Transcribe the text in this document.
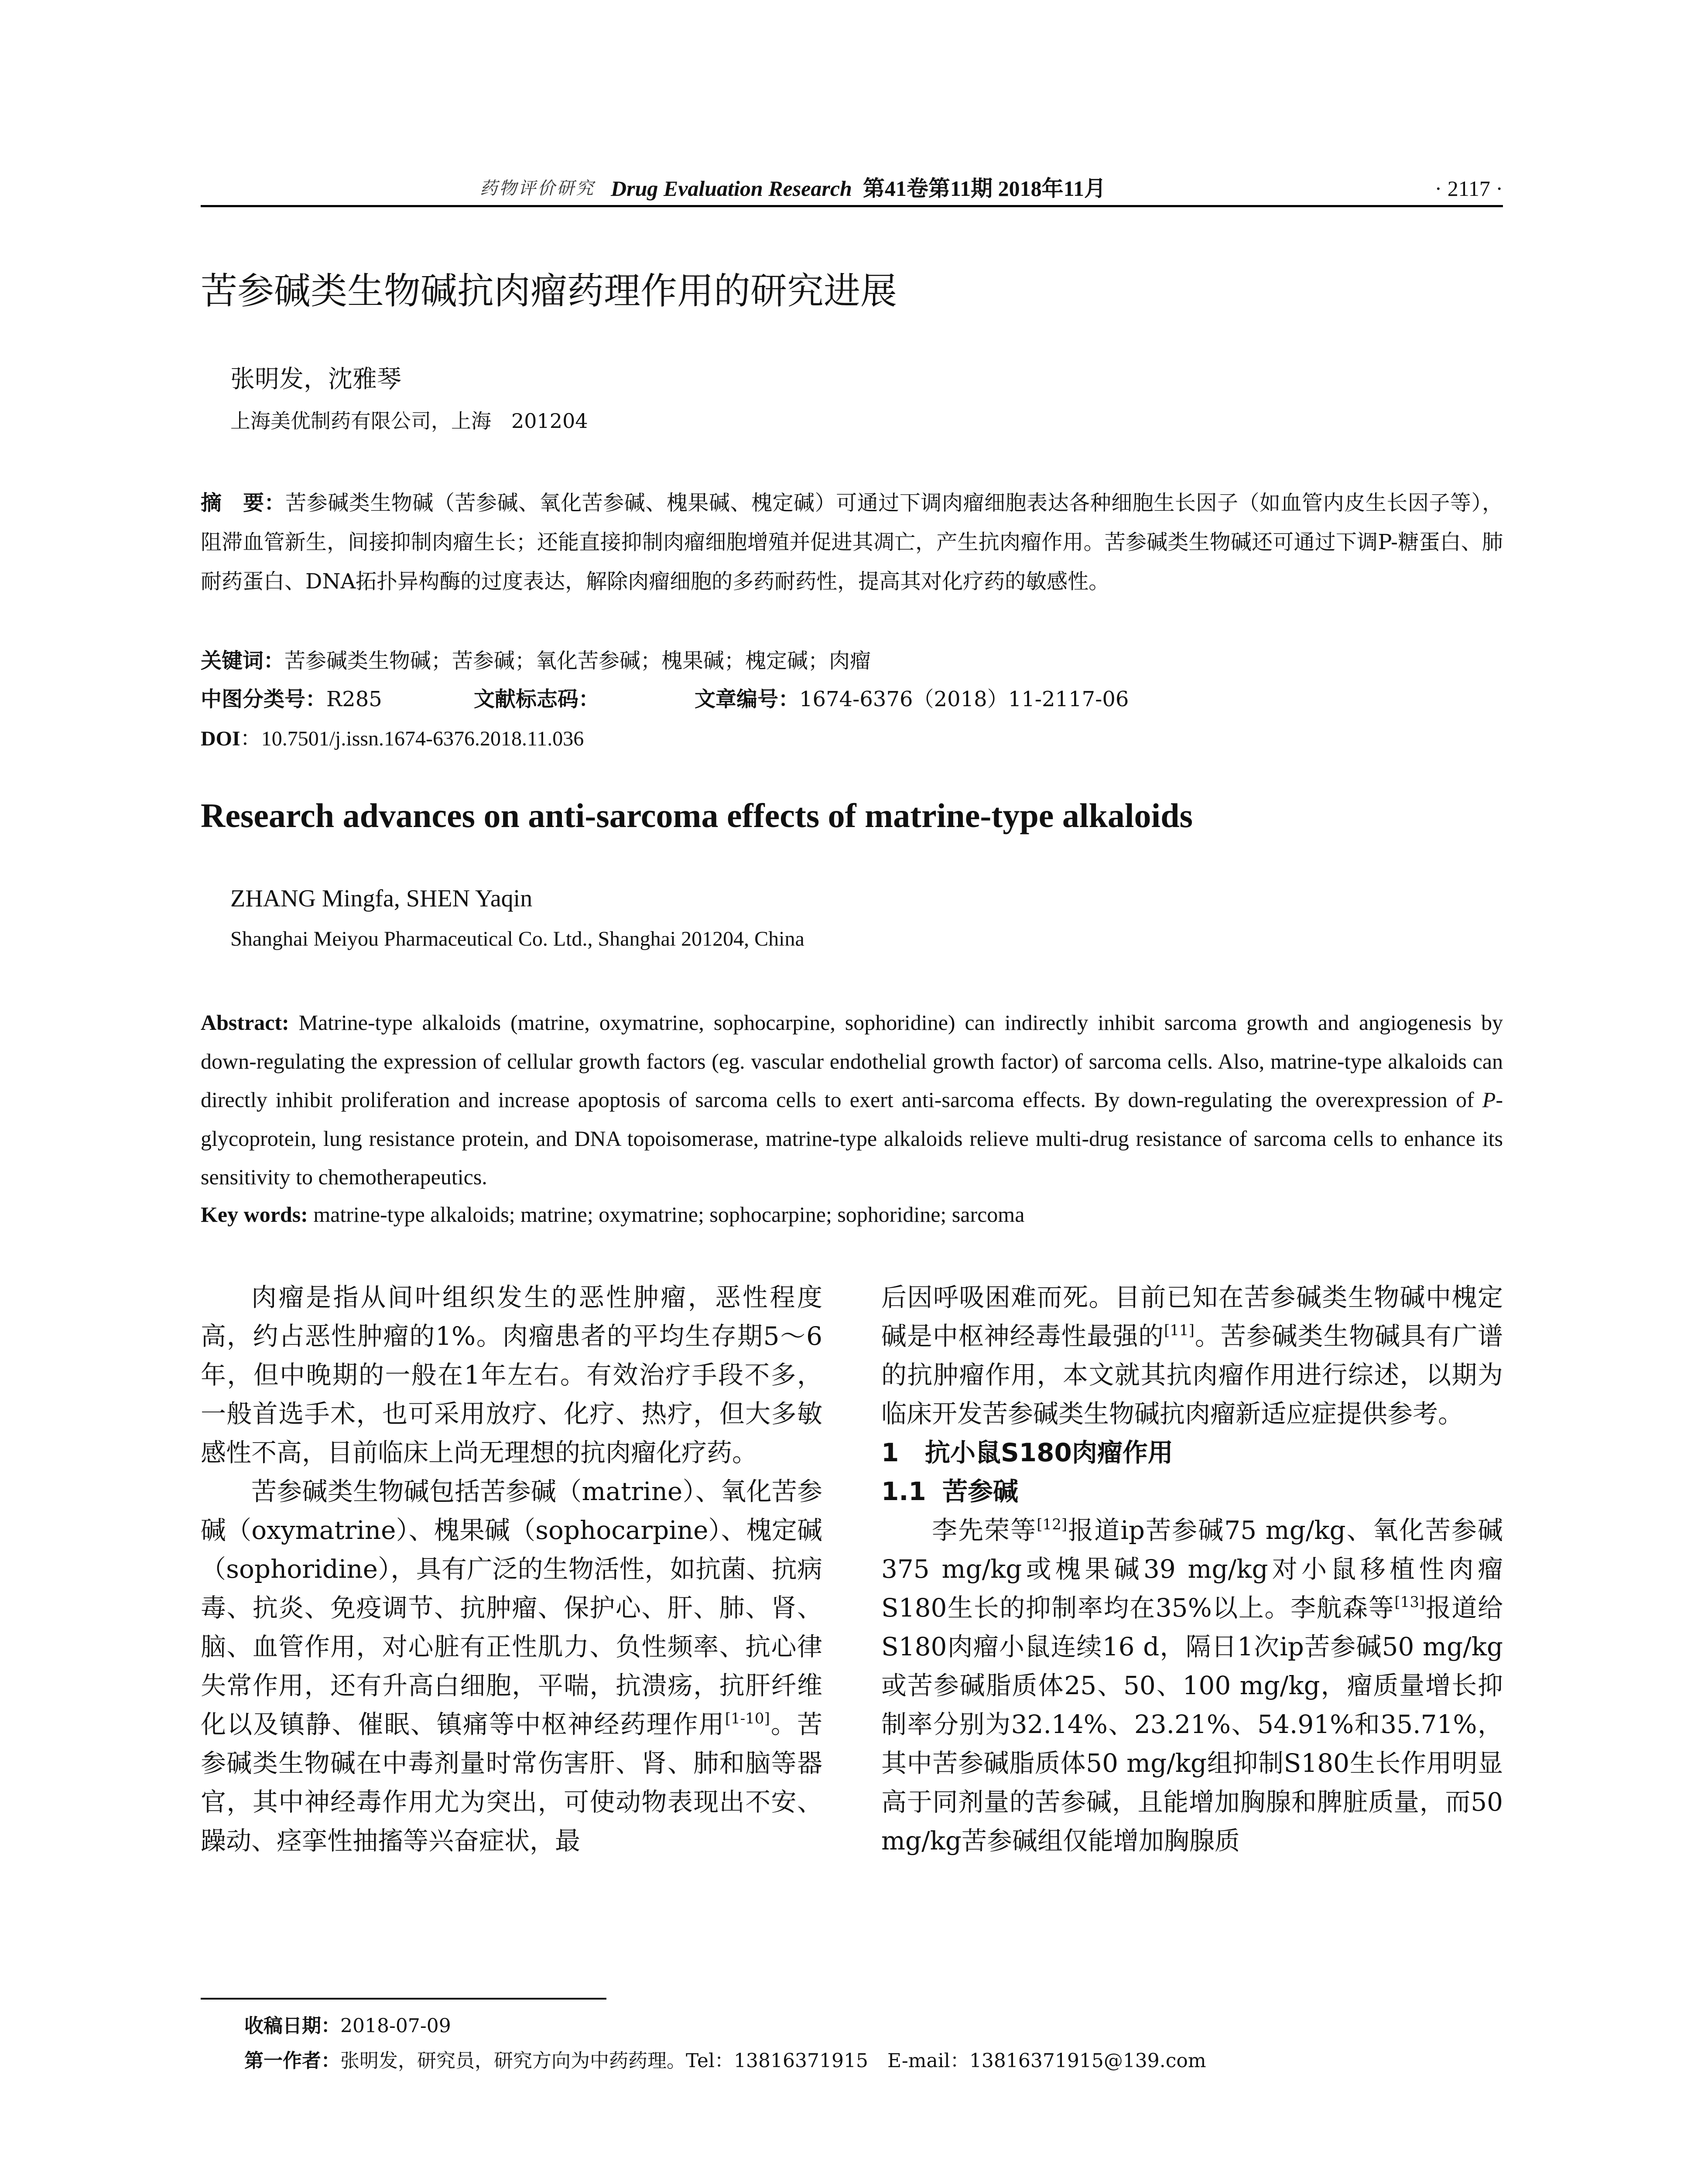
药物评价研究 Drug Evaluation Research 第41卷第11期 2018年11月	· 2117 ·
苦参碱类生物碱抗肉瘤药理作用的研究进展
张明发，沈雅琴
上海美优制药有限公司，上海　201204
摘　要：苦参碱类生物碱（苦参碱、氧化苦参碱、槐果碱、槐定碱）可通过下调肉瘤细胞表达各种细胞生长因子（如血管内皮生长因子等），阻滞血管新生，间接抑制肉瘤生长；还能直接抑制肉瘤细胞增殖并促进其凋亡，产生抗肉瘤作用。苦参碱类生物碱还可通过下调P-糖蛋白、肺耐药蛋白、DNA拓扑异构酶的过度表达，解除肉瘤细胞的多药耐药性，提高其对化疗药的敏感性。
关键词：苦参碱类生物碱；苦参碱；氧化苦参碱；槐果碱；槐定碱；肉瘤
中图分类号：R285	文献标志码：	文章编号：1674-6376（2018）11-2117-06
DOI：10.7501/j.issn.1674-6376.2018.11.036
Research advances on anti-sarcoma effects of matrine-type alkaloids
ZHANG Mingfa, SHEN Yaqin
Shanghai Meiyou Pharmaceutical Co. Ltd., Shanghai 201204, China
Abstract: Matrine-type alkaloids (matrine, oxymatrine, sophocarpine, sophoridine) can indirectly inhibit sarcoma growth and angiogenesis by down-regulating the expression of cellular growth factors (eg. vascular endothelial growth factor) of sarcoma cells. Also, matrine-type alkaloids can directly inhibit proliferation and increase apoptosis of sarcoma cells to exert anti-sarcoma effects. By down-regulating the overexpression of P-glycoprotein, lung resistance protein, and DNA topoisomerase, matrine-type alkaloids relieve multi-drug resistance of sarcoma cells to enhance its sensitivity to chemotherapeutics.
Key words: matrine-type alkaloids; matrine; oxymatrine; sophocarpine; sophoridine; sarcoma

肉瘤是指从间叶组织发生的恶性肿瘤，恶性程度高，约占恶性肿瘤的1%。肉瘤患者的平均生存期5～6年，但中晚期的一般在1年左右。有效治疗手段不多，一般首选手术，也可采用放疗、化疗、热疗，但大多敏感性不高，目前临床上尚无理想的抗肉瘤化疗药。

苦参碱类生物碱包括苦参碱（matrine）、氧化苦参碱（oxymatrine）、槐果碱（sophocarpine）、槐定碱（sophoridine），具有广泛的生物活性，如抗菌、抗病毒、抗炎、免疫调节、抗肿瘤、保护心、肝、肺、肾、脑、血管作用，对心脏有正性肌力、负性频率、抗心律失常作用，还有升高白细胞，平喘，抗溃疡，抗肝纤维化以及镇静、催眠、镇痛等中枢神经药理作用[1-10]。苦参碱类生物碱在中毒剂量时常伤害肝、肾、肺和脑等器官，其中神经毒作用尤为突出，可使动物表现出不安、躁动、痉挛性抽搐等兴奋症状，最

后因呼吸困难而死。目前已知在苦参碱类生物碱中槐定碱是中枢神经毒性最强的[11]。苦参碱类生物碱具有广谱的抗肿瘤作用，本文就其抗肉瘤作用进行综述，以期为临床开发苦参碱类生物碱抗肉瘤新适应症提供参考。

1 抗小鼠S180肉瘤作用
1.1 苦参碱

李先荣等[12]报道ip苦参碱75 mg/kg、氧化苦参碱375 mg/kg或槐果碱39 mg/kg对小鼠移植性肉瘤S180生长的抑制率均在35%以上。李航森等[13]报道给S180肉瘤小鼠连续16 d，隔日1次ip苦参碱50 mg/kg或苦参碱脂质体25、50、100 mg/kg，瘤质量增长抑制率分别为32.14%、23.21%、54.91%和35.71%，其中苦参碱脂质体50 mg/kg组抑制S180生长作用明显高于同剂量的苦参碱，且能增加胸腺和脾脏质量，而50 mg/kg苦参碱组仅能增加胸腺质

收稿日期：2018-07-09
第一作者：张明发，研究员，研究方向为中药药理。Tel：13816371915　E-mail：13816371915@139.com
